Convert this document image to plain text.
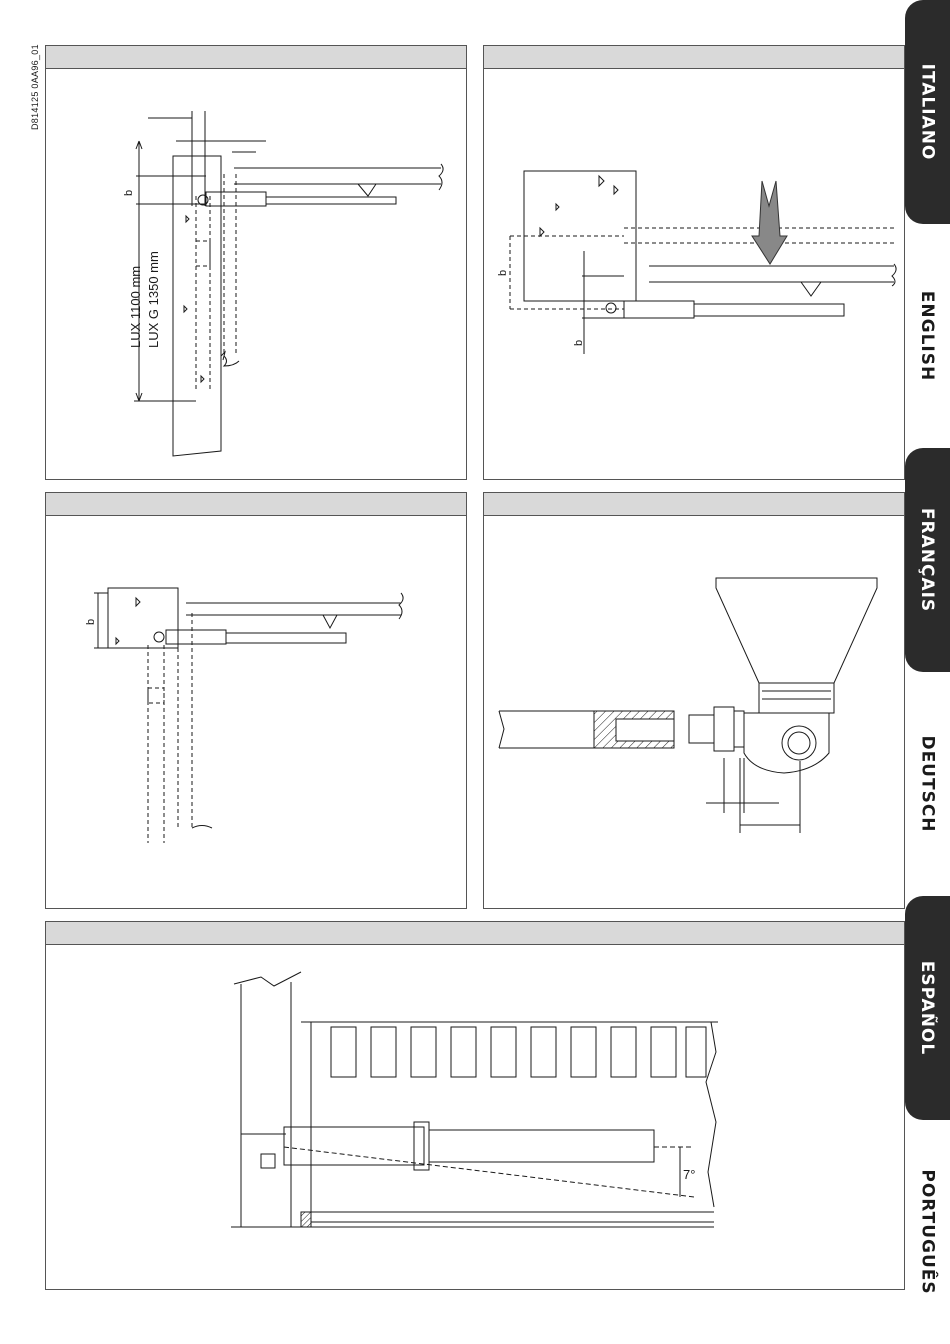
D814125 0AA96_01
b
LUX 1100 mm LUX G 1350 mm	b
b
b
7°
ITALIANO
ENGLISH
FRANÇAIS
DEUTSCH
ESPAÑOL
PORTUGUÊS
